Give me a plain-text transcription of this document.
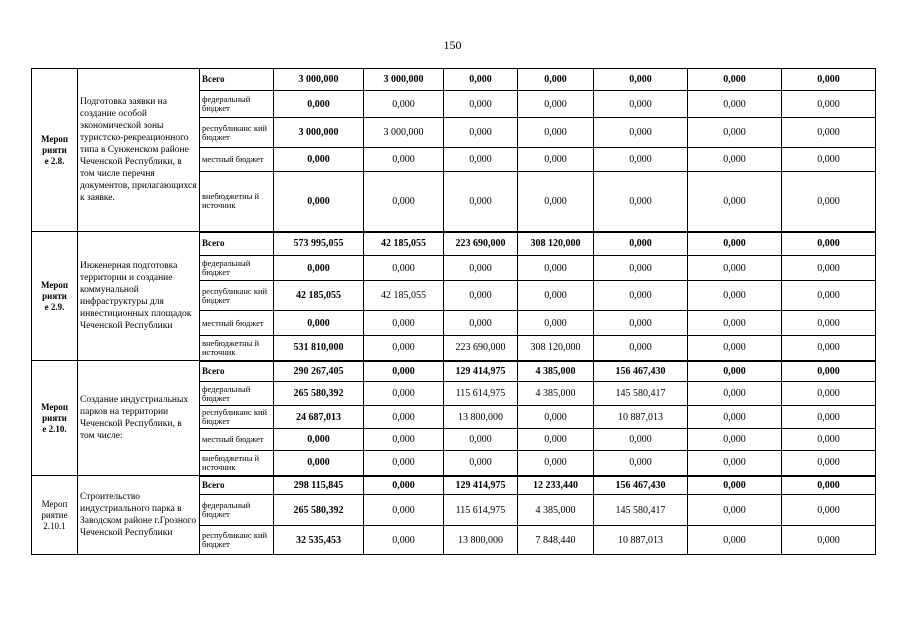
150
Мероп
рияти
е 2.8.	Подготовка заявки на создание особой экономической зоны туристско-рекреационного типа в Сунженском районе Чеченской Республики, в том числе перечня документов, прилагающихся к заявке.	Всего	3 000,000	3 000,000	0,000	0,000	0,000	0,000	0,000
		федеральный бюджет	0,000	0,000	0,000	0,000	0,000	0,000	0,000
		республиканс кий бюджет	3 000,000	3 000,000	0,000	0,000	0,000	0,000	0,000
		местный бюджет	0,000	0,000	0,000	0,000	0,000	0,000	0,000
		внебюджетны й источник	0,000	0,000	0,000	0,000	0,000	0,000	0,000
Мероп
рияти
е 2.9.	Инженерная подготовка территории и создание коммунальной инфраструктуры для инвестиционных площадок Чеченской Республики	Всего	573 995,055	42 185,055	223 690,000	308 120,000	0,000	0,000	0,000
		федеральный бюджет	0,000	0,000	0,000	0,000	0,000	0,000	0,000
		республиканс кий бюджет	42 185,055	42 185,055	0,000	0,000	0,000	0,000	0,000
		местный бюджет	0,000	0,000	0,000	0,000	0,000	0,000	0,000
		внебюджетны й источник	531 810,000	0,000	223 690,000	308 120,000	0,000	0,000	0,000
Мероп
рияти
е 2.10.	Создание индустриальных парков на территории Чеченской Республики, в том числе:	Всего	290 267,405	0,000	129 414,975	4 385,000	156 467,430	0,000	0,000
		федеральный бюджет	265 580,392	0,000	115 614,975	4 385,000	145 580,417	0,000	0,000
		республиканс кий бюджет	24 687,013	0,000	13 800,000	0,000	10 887,013	0,000	0,000
		местный бюджет	0,000	0,000	0,000	0,000	0,000	0,000	0,000
		внебюджетны й источник	0,000	0,000	0,000	0,000	0,000	0,000	0,000
Мероп
риятие
2.10.1	Строительство индустриального парка в Заводском районе г.Грозного Чеченской Республики	Всего	298 115,845	0,000	129 414,975	12 233,440	156 467,430	0,000	0,000
		федеральный бюджет	265 580,392	0,000	115 614,975	4 385,000	145 580,417	0,000	0,000
		республиканс кий бюджет	32 535,453	0,000	13 800,000	7 848,440	10 887,013	0,000	0,000
